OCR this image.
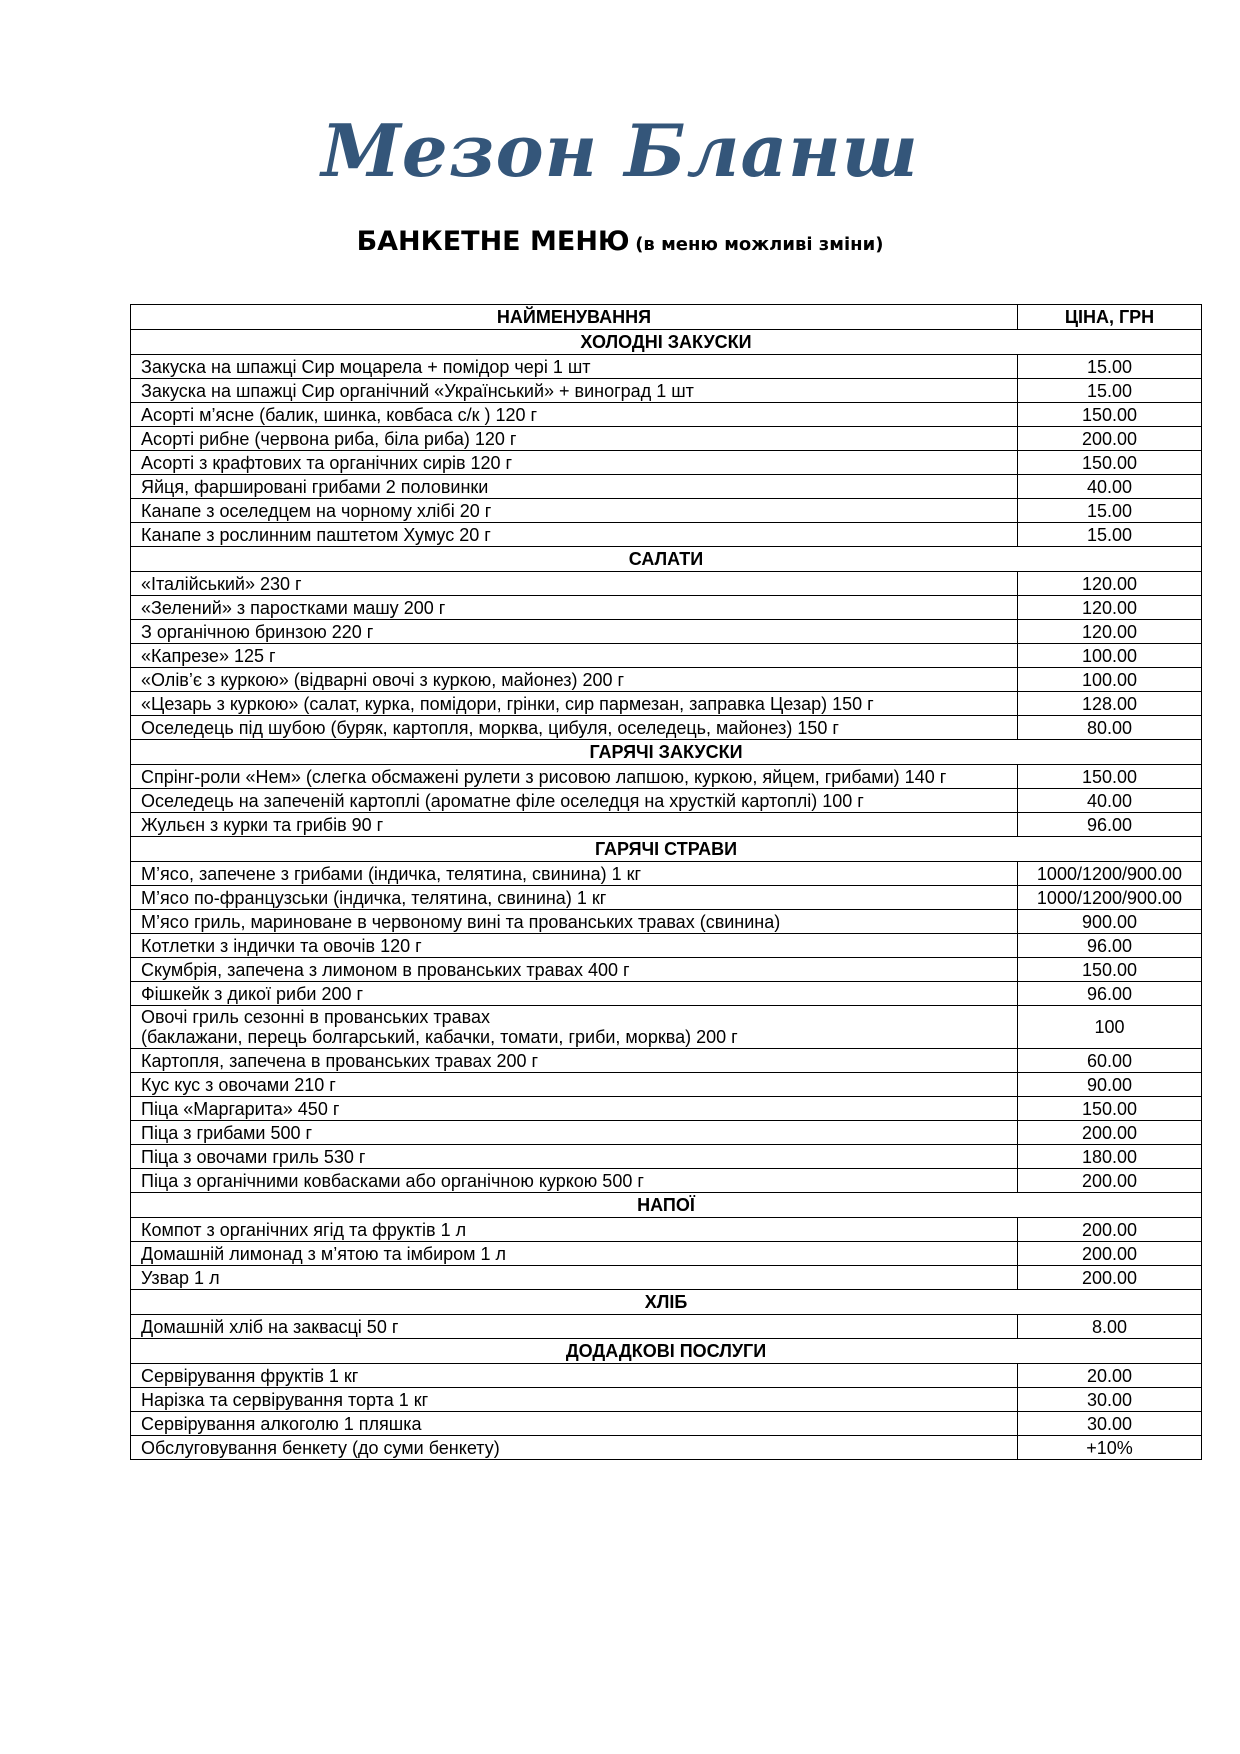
Мезон Бланш
БАНКЕТНЕ МЕНЮ (в меню можливі зміни)
НАЙМЕНУВАННЯ	ЦІНА, ГРН
ХОЛОДНІ ЗАКУСКИ	
Закуска на шпажці Сир моцарела + помідор чері 1 шт	15.00
Закуска на шпажці Сир органічний «Український» + виноград 1 шт	15.00
Асорті м’ясне (балик, шинка, ковбаса с/к ) 120 г	150.00
Асорті рибне (червона риба, біла риба) 120 г	200.00
Асорті з крафтових та органічних сирів 120 г	150.00
Яйця, фаршировані грибами 2 половинки	40.00
Канапе з оселедцем на чорному хлібі 20 г	15.00
Канапе з рослинним паштетом Хумус 20 г	15.00
САЛАТИ	
«Італійський» 230 г	120.00
«Зелений» з паростками машу 200 г	120.00
З органічною бринзою 220 г	120.00
«Капрезе» 125 г	100.00
«Олів’є з куркою» (відварні овочі з куркою, майонез) 200 г	100.00
«Цезарь з куркою» (салат, курка, помідори, грінки, сир пармезан, заправка Цезар) 150 г	128.00
Оселедець під шубою (буряк, картопля, морква, цибуля, оселедець, майонез) 150 г	80.00
ГАРЯЧІ ЗАКУСКИ	
Спрінг-роли «Нем» (слегка обсмажені рулети з рисовою лапшою, куркою, яйцем, грибами) 140 г	150.00
Оселедець на запеченій картоплі (ароматне філе оселедця на хрусткій картоплі) 100 г	40.00
Жульєн з курки та грибів 90 г	96.00
ГАРЯЧІ СТРАВИ	
М’ясо, запечене з грибами (індичка, телятина, свинина) 1 кг	1000/1200/900.00
М’ясо по-французськи (індичка, телятина, свинина) 1 кг	1000/1200/900.00
М’ясо гриль, мариноване в червоному вині та прованських травах (свинина)	900.00
Котлетки з індички та овочів 120 г	96.00
Скумбрія, запечена з лимоном в прованських травах 400 г	150.00
Фішкейк з дикої риби 200 г	96.00
Овочі гриль сезонні в прованських травах
(баклажани, перець болгарський, кабачки, томати, гриби, морква) 200 г	100
Картопля, запечена в прованських травах 200 г	60.00
Кус кус з овочами 210 г	90.00
Піца «Маргарита» 450 г	150.00
Піца з грибами 500 г	200.00
Піца з овочами гриль 530 г	180.00
Піца з органічними ковбасками або органічною куркою 500 г	200.00
НАПОЇ	
Компот з органічних ягід та фруктів 1 л	200.00
Домашній лимонад з м’ятою та імбиром 1 л	200.00
Узвар 1 л	200.00
ХЛІБ	
Домашній хліб на заквасці 50 г	8.00
ДОДАДКОВІ ПОСЛУГИ	
Сервірування фруктів 1 кг	20.00
Нарізка та сервірування торта 1 кг	30.00
Сервірування алкоголю 1 пляшка	30.00
Обслуговування бенкету (до суми бенкету)	+10%
